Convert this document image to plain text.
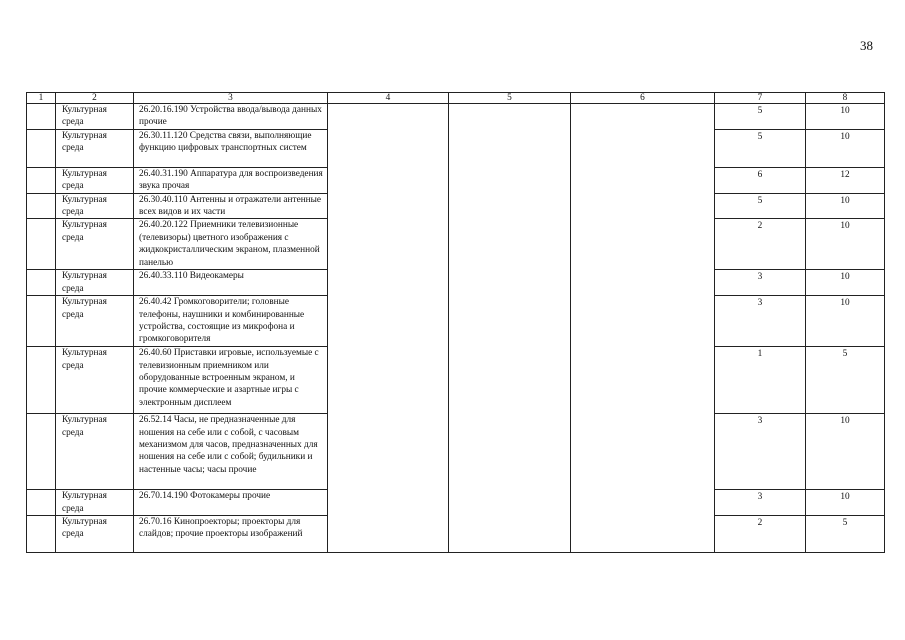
38
1	2	3	4	5	6	7	8
	Культурная среда	26.20.16.190 Устройства ввода/вывода данных прочие				5	10
	Культурная среда	26.30.11.120 Средства связи, выполняющие функцию цифровых транспортных систем				5	10
	Культурная среда	26.40.31.190 Аппаратура для воспроизведения звука прочая				6	12
	Культурная среда	26.30.40.110 Антенны и отражатели антенные всех видов и их части				5	10
	Культурная среда	26.40.20.122 Приемники телевизионные (телевизоры) цветного изображения с жидкокристаллическим экраном, плазменной панелью				2	10
	Культурная среда	26.40.33.110 Видеокамеры				3	10
	Культурная среда	26.40.42 Громкоговорители; головные телефоны, наушники и комбинированные устройства, состоящие из микрофона и громкоговорителя				3	10
	Культурная среда	26.40.60 Приставки игровые, используемые с телевизионным приемником или оборудованные встроенным экраном, и прочие коммерческие и азартные игры с электронным дисплеем				1	5
	Культурная среда	26.52.14 Часы, не предназначенные для ношения на себе или с собой, с часовым механизмом для часов, предназначенных для ношения на себе или с собой; будильники и настенные часы; часы прочие				3	10
	Культурная среда	26.70.14.190 Фотокамеры прочие				3	10
	Культурная среда	26.70.16 Кинопроекторы; проекторы для слайдов; прочие проекторы изображений				2	5
